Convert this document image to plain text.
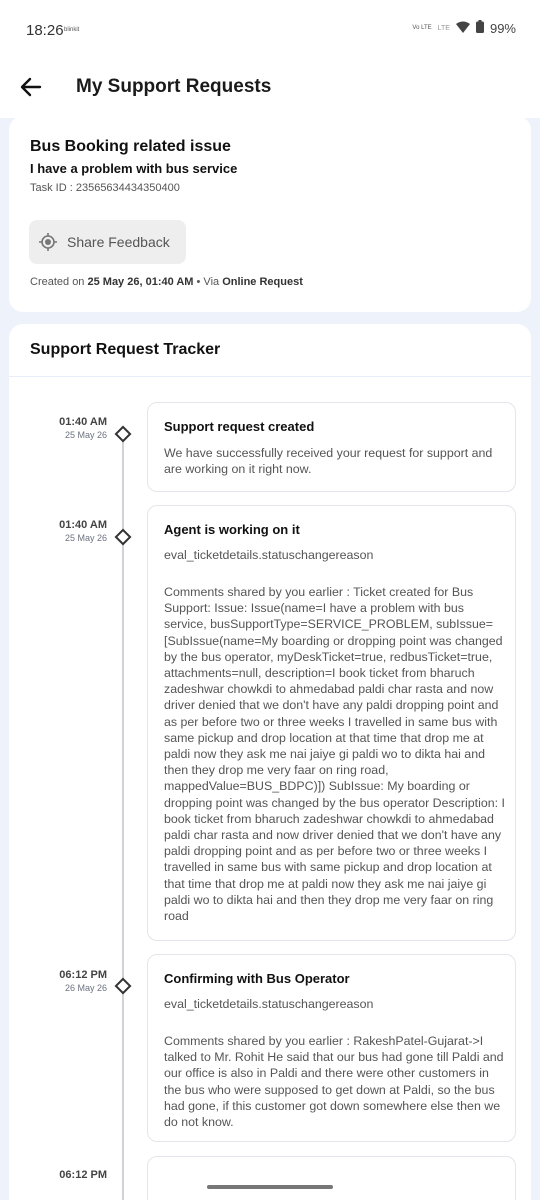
18:26 blinkit	Vo LTE LTE	99%
My Support Requests
Bus Booking related issue
I have a problem with bus service
Task ID : 23565634434350400
Share Feedback
Created on 25 May 26, 01:40 AM • Via Online Request
Support Request Tracker
01:40 AM
25 May 26
Support request created
We have successfully received your request for support and are working on it right now.
01:40 AM
25 May 26
Agent is working on it
eval_ticketdetails.statuschangereason
Comments shared by you earlier : Ticket created for Bus Support: Issue: Issue(name=I have a problem with bus service, busSupportType=SERVICE_PROBLEM, subIssue=[SubIssue(name=My boarding or dropping point was changed by the bus operator, myDeskTicket=true, redbusTicket=true, attachments=null, description=I book ticket from bharuch zadeshwar chowkdi to ahmedabad paldi char rasta and now driver denied that we don't have any paldi dropping point and as per before two or three weeks I travelled in same bus with same pickup and drop location at that time that drop me at paldi now they ask me nai jaiye gi paldi wo to dikta hai and then they drop me very faar on ring road, mappedValue=BUS_BDPC)]) SubIssue: My boarding or dropping point was changed by the bus operator Description: I book ticket from bharuch zadeshwar chowkdi to ahmedabad paldi char rasta and now driver denied that we don't have any paldi dropping point and as per before two or three weeks I travelled in same bus with same pickup and drop location at that time that drop me at paldi now they ask me nai jaiye gi paldi wo to dikta hai and then they drop me very faar on ring road
06:12 PM
26 May 26
Confirming with Bus Operator
eval_ticketdetails.statuschangereason
Comments shared by you earlier : RakeshPatel-Gujarat->I talked to Mr. Rohit He said that our bus had gone till Paldi and our office is also in Paldi and there were other customers in the bus who were supposed to get down at Paldi, so the bus had gone, if this customer got down somewhere else then we do not know.
06:12 PM
